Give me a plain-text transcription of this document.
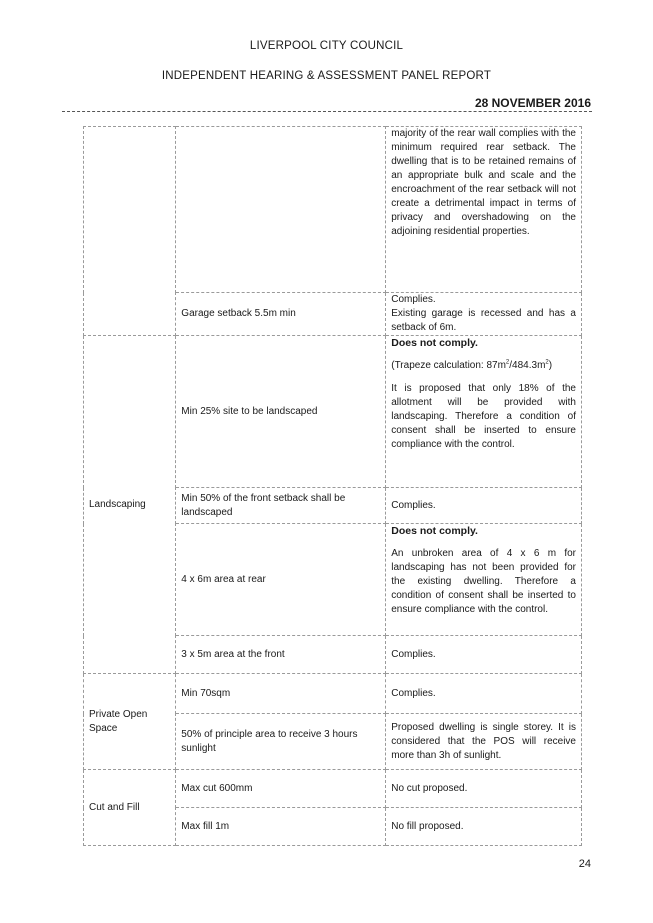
LIVERPOOL CITY COUNCIL
INDEPENDENT HEARING & ASSESSMENT PANEL REPORT
28 NOVEMBER 2016
		majority of the rear wall complies with the minimum required rear setback. The dwelling that is to be retained remains of an appropriate bulk and scale and the encroachment of the rear setback will not create a detrimental impact in terms of privacy and overshadowing on the adjoining residential properties.
	Garage setback 5.5m min	Complies.
Existing garage is recessed and has a setback of 6m.

Landscaping	Min 25% site to be landscaped	Does not comply.
(Trapeze calculation: $87m^2/484.3m^2$)
It is proposed that only 18% of the allotment will be provided with landscaping. Therefore a condition of consent shall be inserted to ensure compliance with the control.

	Min 50% of the front setback shall be landscaped	Complies.
	4 x 6m area at rear	Does not comply.
An unbroken area of 4 x 6 m for landscaping has not been provided for the existing dwelling. Therefore a condition of consent shall be inserted to ensure compliance with the control.

	3 x 5m area at the front	Complies.
Private Open Space	Min 70sqm	Complies.
	50% of principle area to receive 3 hours sunlight	Proposed dwelling is single storey. It is considered that the POS will receive more than 3h of sunlight.
Cut and Fill	Max cut 600mm	No cut proposed.
	Max fill 1m	No fill proposed.
24
